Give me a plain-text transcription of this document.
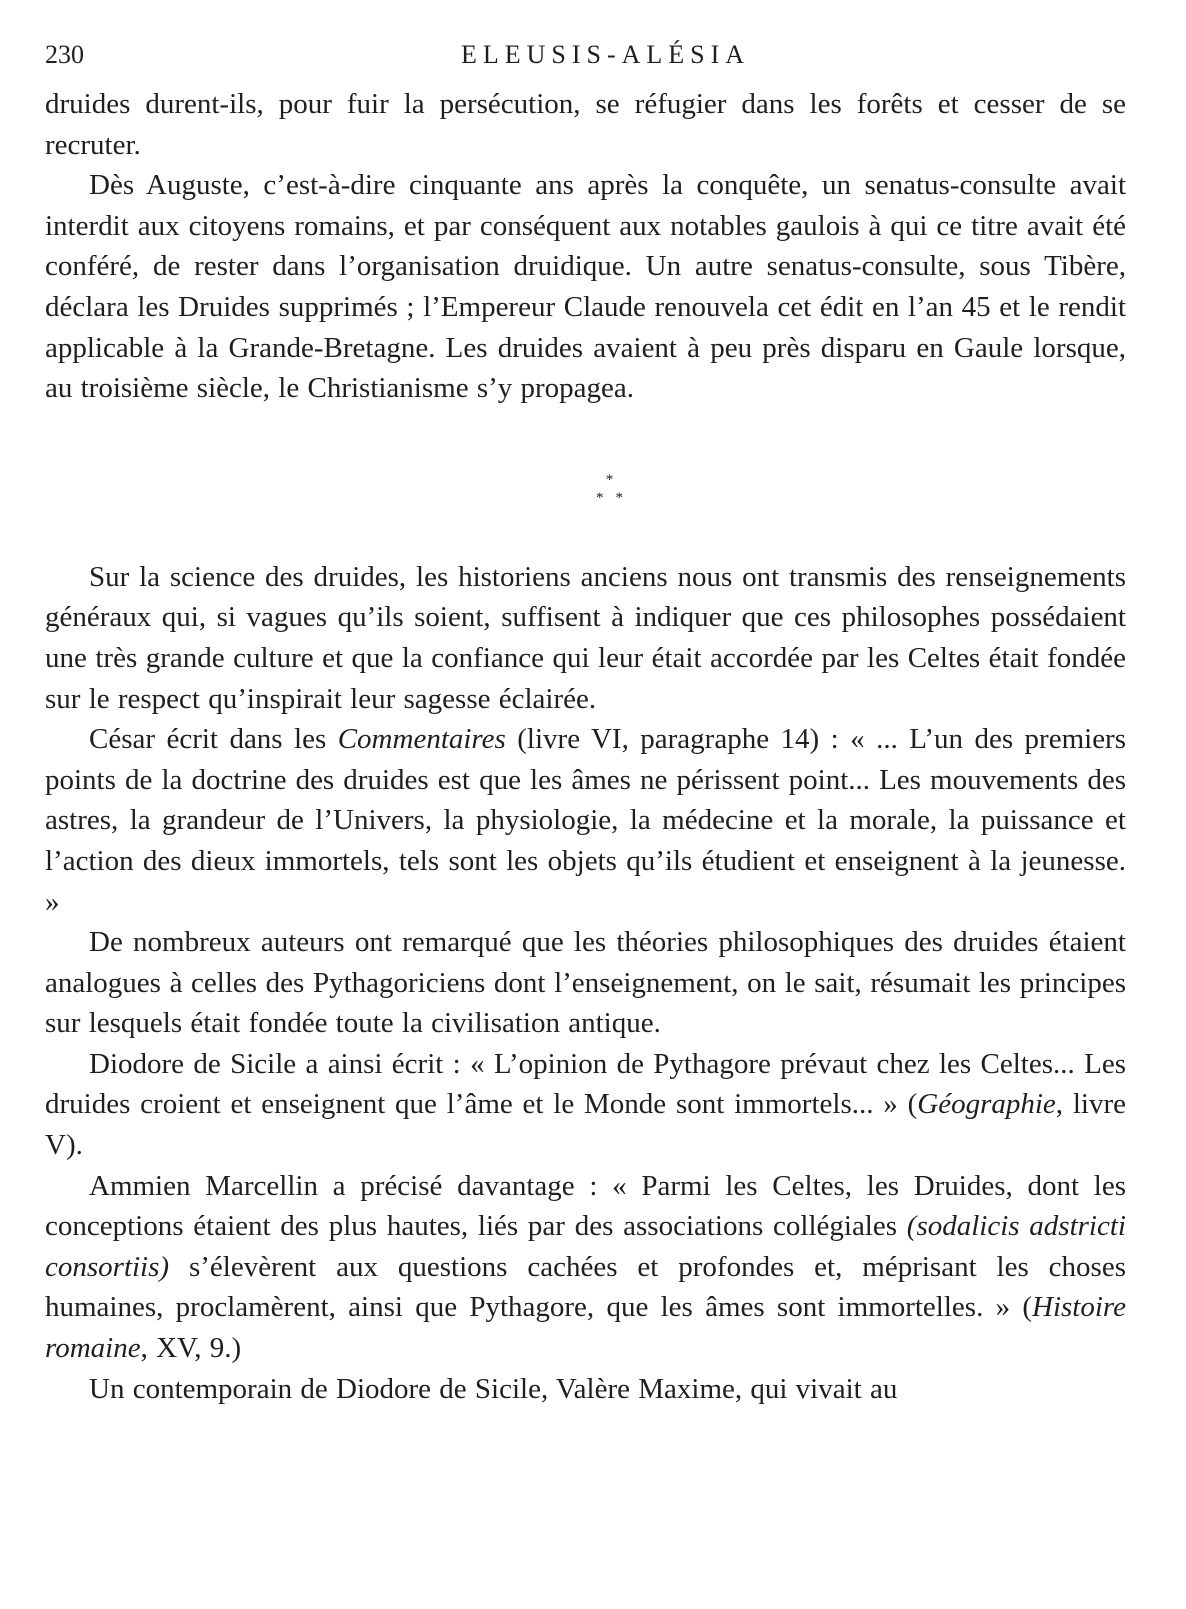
230	ELEUSIS-ALÉSIA

druides durent-ils, pour fuir la persécution, se réfugier dans les forêts et cesser de se recruter.

Dès Auguste, c’est-à-dire cinquante ans après la conquête, un senatus-consulte avait interdit aux citoyens romains, et par conséquent aux notables gaulois à qui ce titre avait été conféré, de rester dans l’organisation druidique. Un autre senatus-consulte, sous Tibère, déclara les Druides supprimés ; l’Empereur Claude renouvela cet édit en l’an 45 et le rendit applicable à la Grande-Bretagne. Les druides avaient à peu près disparu en Gaule lorsque, au troisième siècle, le Christianisme s’y propagea.

*
**

Sur la science des druides, les historiens anciens nous ont transmis des renseignements généraux qui, si vagues qu’ils soient, suffisent à indiquer que ces philosophes possédaient une très grande culture et que la confiance qui leur était accordée par les Celtes était fondée sur le respect qu’inspirait leur sagesse éclairée.

César écrit dans les Commentaires (livre VI, paragraphe 14) : « ... L’un des premiers points de la doctrine des druides est que les âmes ne périssent point... Les mouvements des astres, la grandeur de l’Univers, la physiologie, la médecine et la morale, la puissance et l’action des dieux immortels, tels sont les objets qu’ils étudient et enseignent à la jeunesse. »

De nombreux auteurs ont remarqué que les théories philosophiques des druides étaient analogues à celles des Pythagoriciens dont l’enseignement, on le sait, résumait les principes sur lesquels était fondée toute la civilisation antique.

Diodore de Sicile a ainsi écrit : « L’opinion de Pythagore prévaut chez les Celtes... Les druides croient et enseignent que l’âme et le Monde sont immortels... » (Géographie, livre V).

Ammien Marcellin a précisé davantage : « Parmi les Celtes, les Druides, dont les conceptions étaient des plus hautes, liés par des associations collégiales (sodalicis adstricti consortiis) s’élevèrent aux questions cachées et profondes et, méprisant les choses humaines, proclamèrent, ainsi que Pythagore, que les âmes sont immortelles. » (Histoire romaine, XV, 9.)

Un contemporain de Diodore de Sicile, Valère Maxime, qui vivait au
